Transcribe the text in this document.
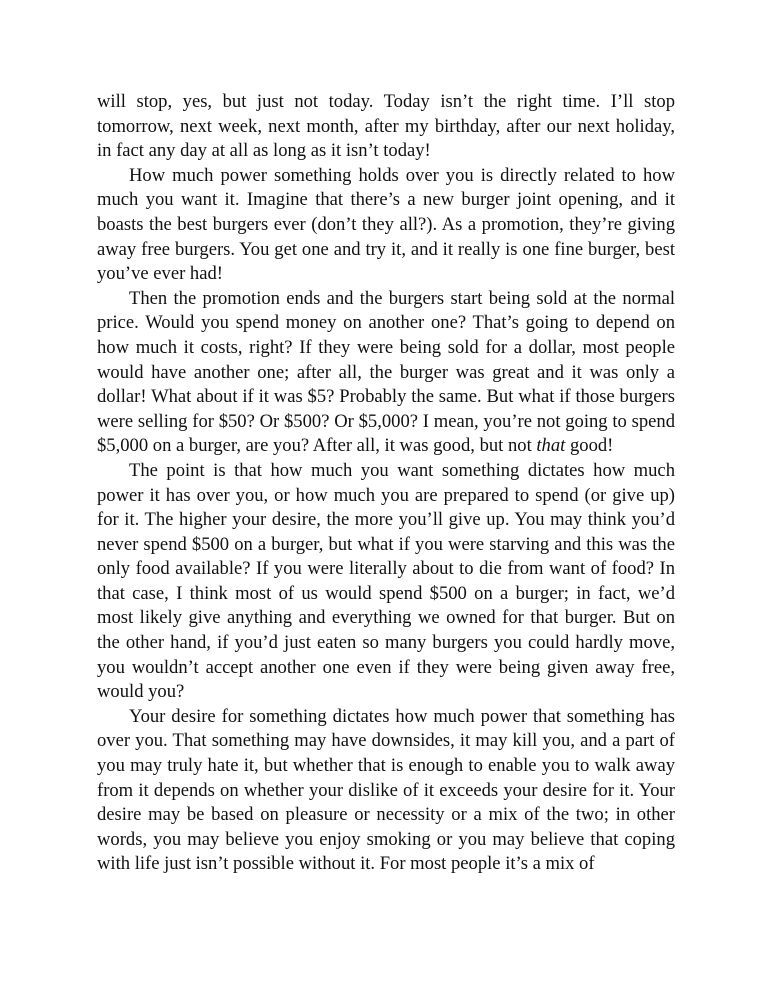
will stop, yes, but just not today. Today isn’t the right time. I’ll stop tomorrow, next week, next month, after my birthday, after our next holiday, in fact any day at all as long as it isn’t today!

How much power something holds over you is directly related to how much you want it. Imagine that there’s a new burger joint opening, and it boasts the best burgers ever (don’t they all?). As a promotion, they’re giving away free burgers. You get one and try it, and it really is one fine burger, best you’ve ever had!

Then the promotion ends and the burgers start being sold at the normal price. Would you spend money on another one? That’s going to depend on how much it costs, right? If they were being sold for a dollar, most people would have another one; after all, the burger was great and it was only a dollar! What about if it was $5? Probably the same. But what if those burgers were selling for $50? Or $500? Or $5,000? I mean, you’re not going to spend $5,000 on a burger, are you? After all, it was good, but not that good!

The point is that how much you want something dictates how much power it has over you, or how much you are prepared to spend (or give up) for it. The higher your desire, the more you’ll give up. You may think you’d never spend $500 on a burger, but what if you were starving and this was the only food available? If you were literally about to die from want of food? In that case, I think most of us would spend $500 on a burger; in fact, we’d most likely give anything and everything we owned for that burger. But on the other hand, if you’d just eaten so many burgers you could hardly move, you wouldn’t accept another one even if they were being given away free, would you?

Your desire for something dictates how much power that something has over you. That something may have downsides, it may kill you, and a part of you may truly hate it, but whether that is enough to enable you to walk away from it depends on whether your dislike of it exceeds your desire for it. Your desire may be based on pleasure or necessity or a mix of the two; in other words, you may believe you enjoy smoking or you may believe that coping with life just isn’t possible without it. For most people it’s a mix of
